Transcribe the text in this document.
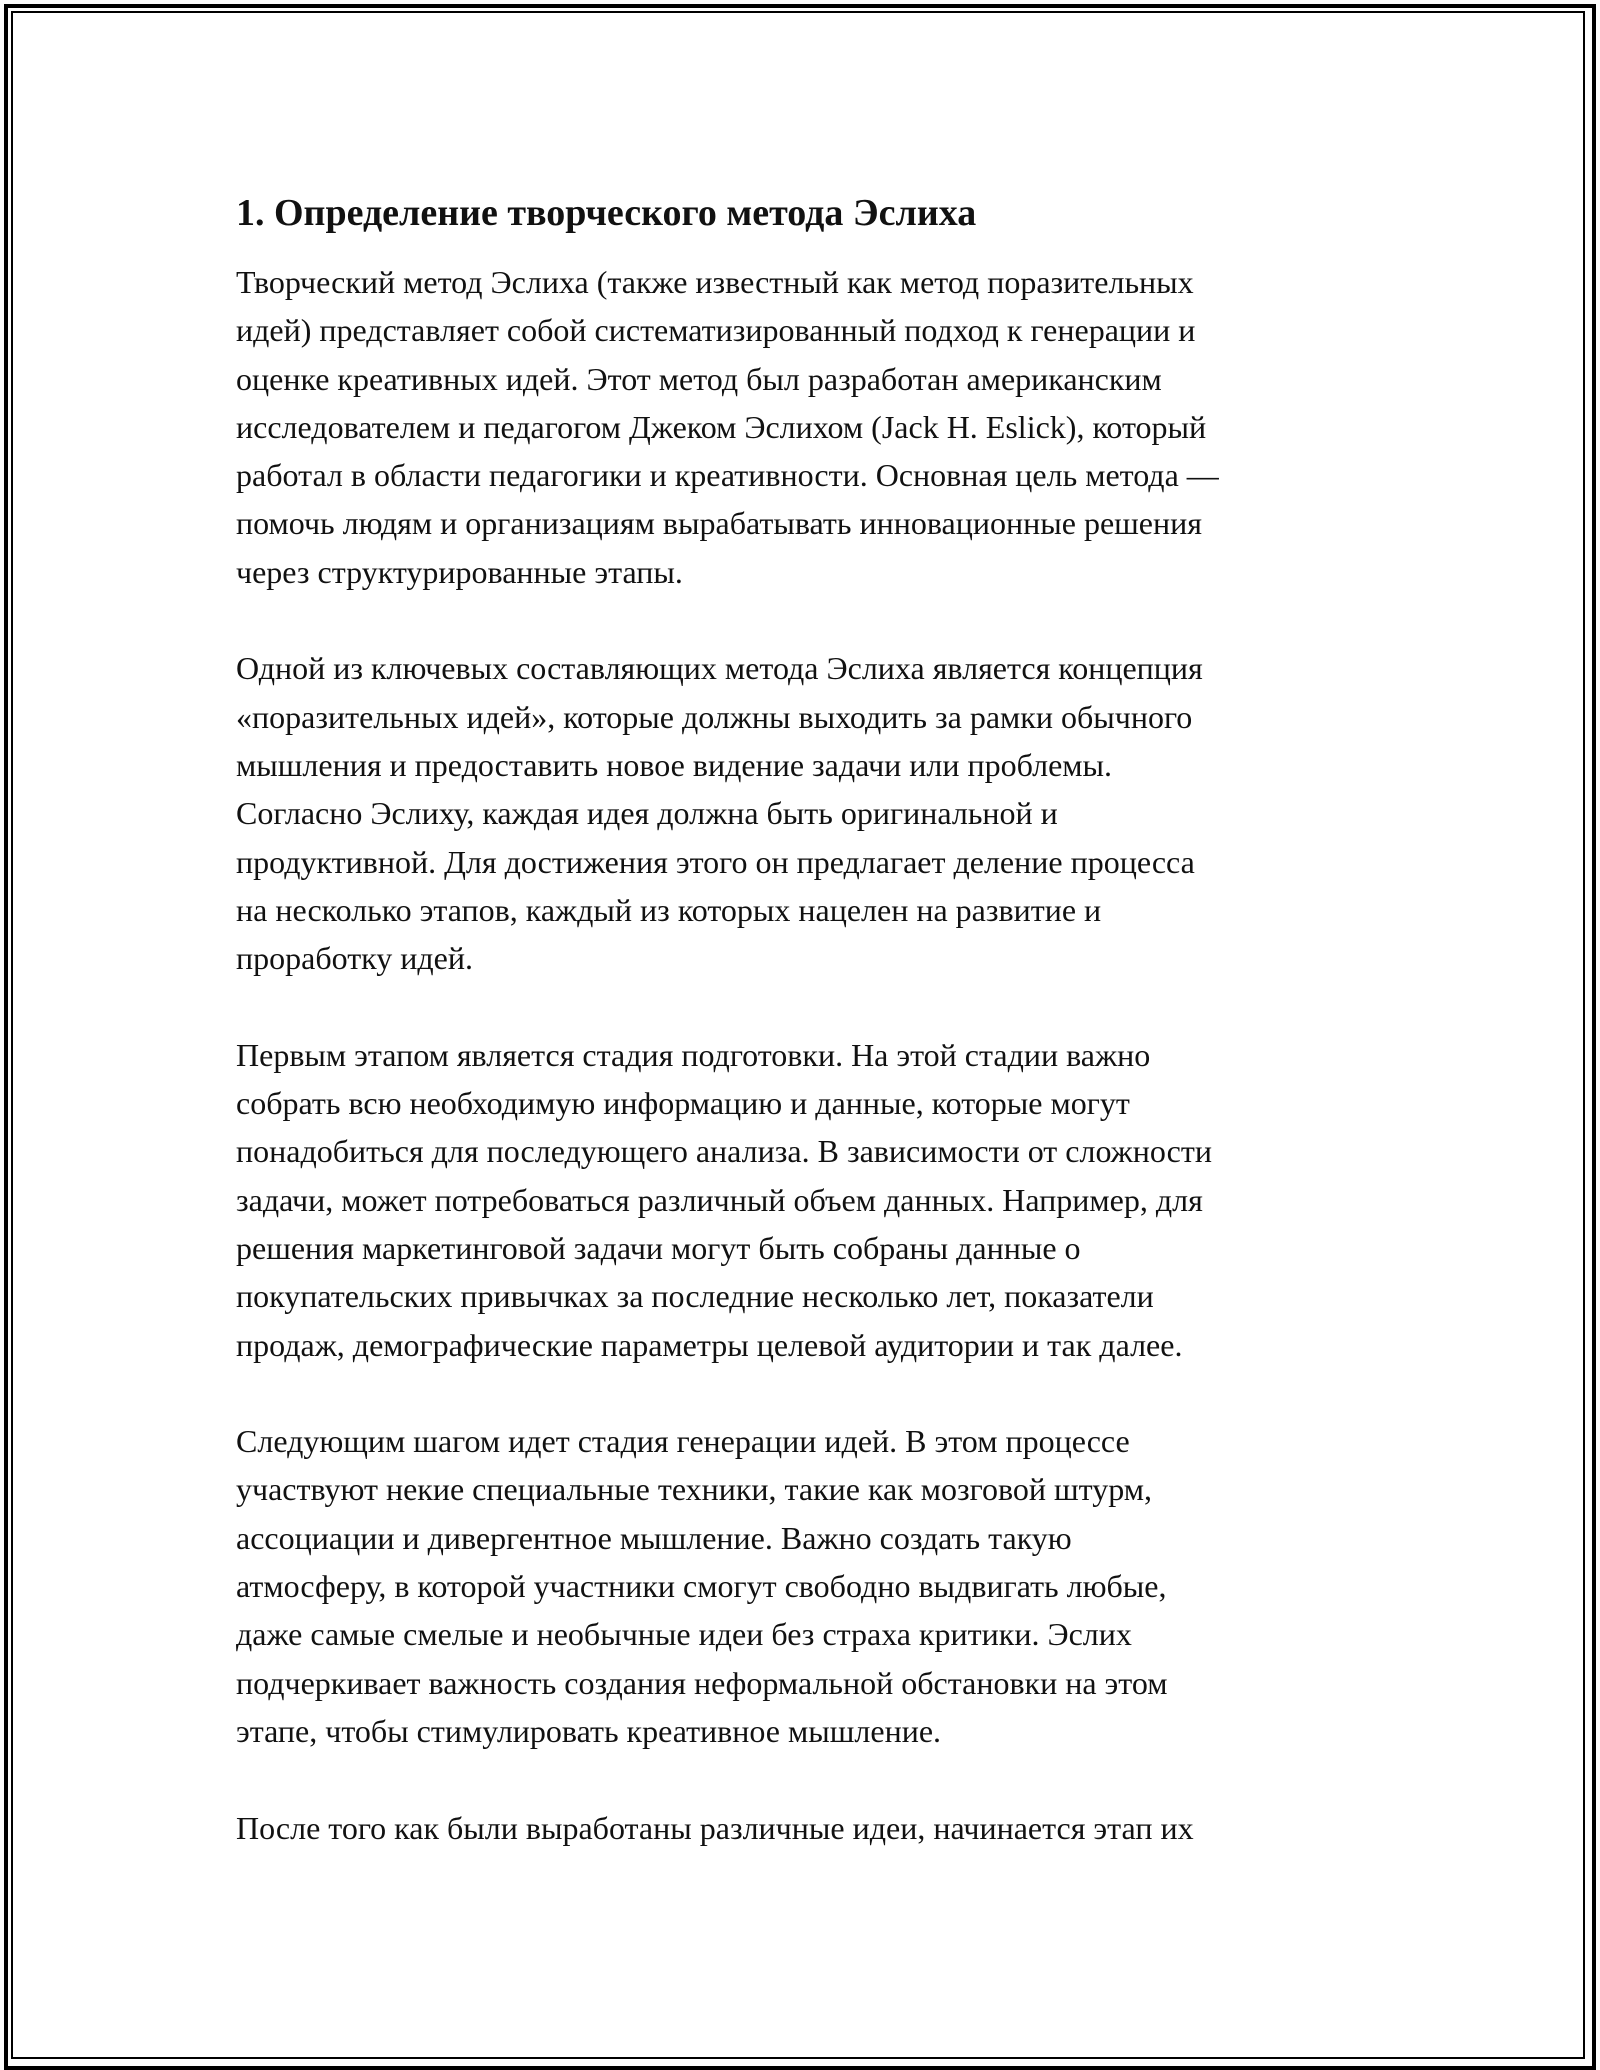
1. Определение творческого метода Эслиха
Творческий метод Эслиха (также известный как метод поразительных
идей) представляет собой систематизированный подход к генерации и
оценке креативных идей. Этот метод был разработан американским
исследователем и педагогом Джеком Эслихом (Jack H. Eslick), который
работал в области педагогики и креативности. Основная цель метода —
помочь людям и организациям вырабатывать инновационные решения
через структурированные этапы.
Одной из ключевых составляющих метода Эслиха является концепция
«поразительных идей», которые должны выходить за рамки обычного
мышления и предоставить новое видение задачи или проблемы.
Согласно Эслиху, каждая идея должна быть оригинальной и
продуктивной. Для достижения этого он предлагает деление процесса
на несколько этапов, каждый из которых нацелен на развитие и
проработку идей.
Первым этапом является стадия подготовки. На этой стадии важно
собрать всю необходимую информацию и данные, которые могут
понадобиться для последующего анализа. В зависимости от сложности
задачи, может потребоваться различный объем данных. Например, для
решения маркетинговой задачи могут быть собраны данные о
покупательских привычках за последние несколько лет, показатели
продаж, демографические параметры целевой аудитории и так далее.
Следующим шагом идет стадия генерации идей. В этом процессе
участвуют некие специальные техники, такие как мозговой штурм,
ассоциации и дивергентное мышление. Важно создать такую
атмосферу, в которой участники смогут свободно выдвигать любые,
даже самые смелые и необычные идеи без страха критики. Эслих
подчеркивает важность создания неформальной обстановки на этом
этапе, чтобы стимулировать креативное мышление.
После того как были выработаны различные идеи, начинается этап их
